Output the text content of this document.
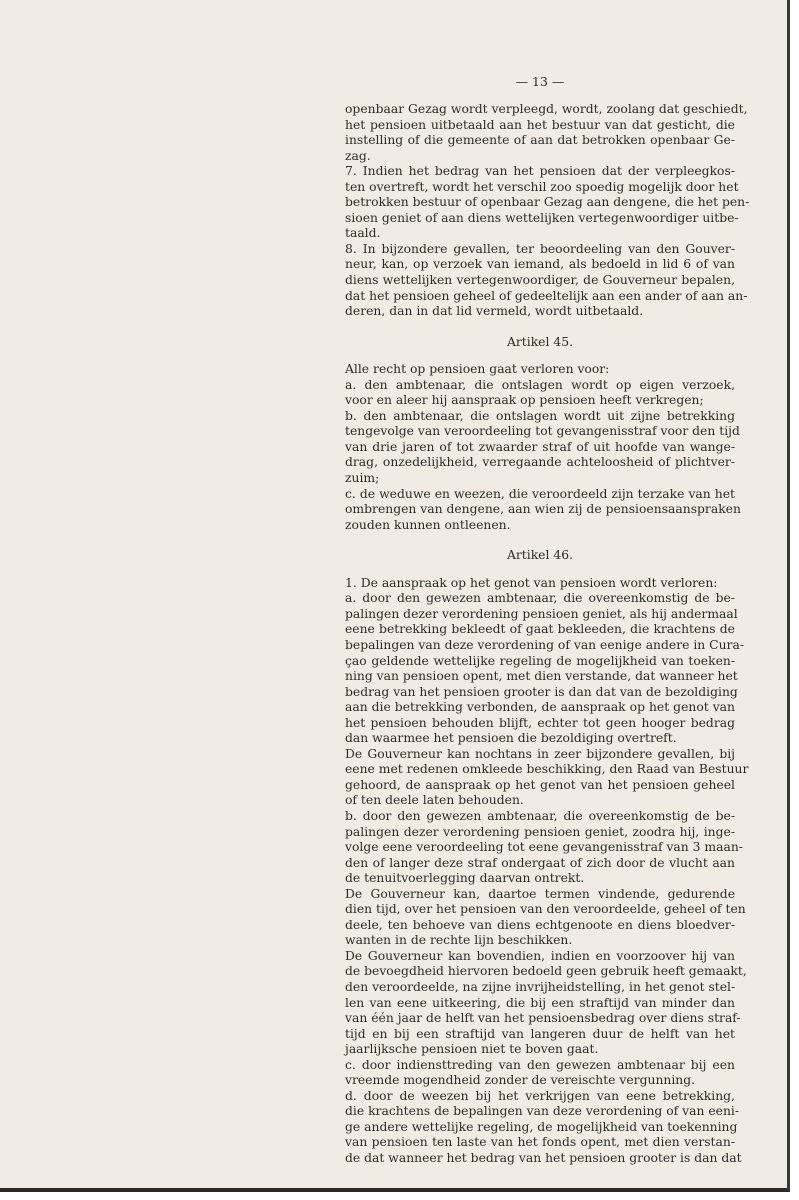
— 13 —
openbaar Gezag wordt verpleegd, wordt, zoolang dat geschiedt,
het pensioen uitbetaald aan het bestuur van dat gesticht, die
instelling of die gemeente of aan dat betrokken openbaar Ge-
zag.
7. Indien het bedrag van het pensioen dat der verpleegkos-
ten overtreft, wordt het verschil zoo spoedig mogelijk door het
betrokken bestuur of openbaar Gezag aan dengene, die het pen-
sioen geniet of aan diens wettelijken vertegenwoordiger uitbe-
taald.
8. In bijzondere gevallen, ter beoordeeling van den Gouver-
neur, kan, op verzoek van iemand, als bedoeld in lid 6 of van
diens wettelijken vertegenwoordiger, de Gouverneur bepalen,
dat het pensioen geheel of gedeeltelijk aan een ander of aan an-
deren, dan in dat lid vermeld, wordt uitbetaald.
Artikel 45.
Alle recht op pensioen gaat verloren voor:
a. den ambtenaar, die ontslagen wordt op eigen verzoek,
voor en aleer hij aanspraak op pensioen heeft verkregen;
b. den ambtenaar, die ontslagen wordt uit zijne betrekking
tengevolge van veroordeeling tot gevangenisstraf voor den tijd
van drie jaren of tot zwaarder straf of uit hoofde van wange-
drag, onzedelijkheid, verregaande achteloosheid of plichtver-
zuim;
c. de weduwe en weezen, die veroordeeld zijn terzake van het
ombrengen van dengene, aan wien zij de pensioensaanspraken
zouden kunnen ontleenen.
Artikel 46.
1. De aanspraak op het genot van pensioen wordt verloren:
a. door den gewezen ambtenaar, die overeenkomstig de be-
palingen dezer verordening pensioen geniet, als hij andermaal
eene betrekking bekleedt of gaat bekleeden, die krachtens de
bepalingen van deze verordening of van eenige andere in Cura-
çao geldende wettelijke regeling de mogelijkheid van toeken-
ning van pensioen opent, met dien verstande, dat wanneer het
bedrag van het pensioen grooter is dan dat van de bezoldiging
aan die betrekking verbonden, de aanspraak op het genot van
het pensioen behouden blijft, echter tot geen hooger bedrag
dan waarmee het pensioen die bezoldiging overtreft.
De Gouverneur kan nochtans in zeer bijzondere gevallen, bij
eene met redenen omkleede beschikking, den Raad van Bestuur
gehoord, de aanspraak op het genot van het pensioen geheel
of ten deele laten behouden.
b. door den gewezen ambtenaar, die overeenkomstig de be-
palingen dezer verordening pensioen geniet, zoodra hij, inge-
volge eene veroordeeling tot eene gevangenisstraf van 3 maan-
den of langer deze straf ondergaat of zich door de vlucht aan
de tenuitvoerlegging daarvan ontrekt.
De Gouverneur kan, daartoe termen vindende, gedurende
dien tijd, over het pensioen van den veroordeelde, geheel of ten
deele, ten behoeve van diens echtgenoote en diens bloedver-
wanten in de rechte lijn beschikken.
De Gouverneur kan bovendien, indien en voorzoover hij van
de bevoegdheid hiervoren bedoeld geen gebruik heeft gemaakt,
den veroordeelde, na zijne invrijheidstelling, in het genot stel-
len van eene uitkeering, die bij een straftijd van minder dan
van één jaar de helft van het pensioensbedrag over diens straf-
tijd en bij een straftijd van langeren duur de helft van het
jaarlijksche pensioen niet te boven gaat.
c. door indiensttreding van den gewezen ambtenaar bij een
vreemde mogendheid zonder de vereischte vergunning.
d. door de weezen bij het verkrijgen van eene betrekking,
die krachtens de bepalingen van deze verordening of van eeni-
ge andere wettelijke regeling, de mogelijkheid van toekenning
van pensioen ten laste van het fonds opent, met dien verstan-
de dat wanneer het bedrag van het pensioen grooter is dan dat
